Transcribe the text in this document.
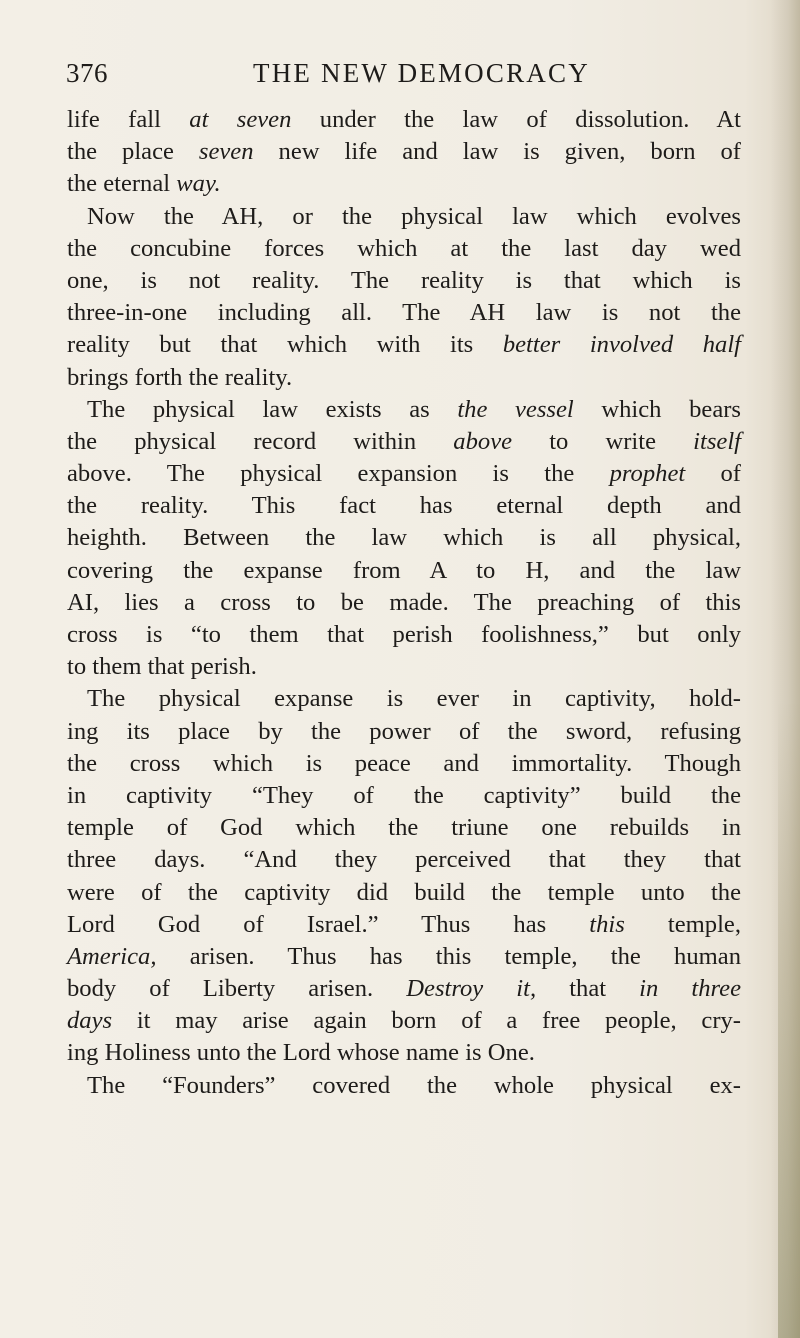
376	THE NEW DEMOCRACY
life fall at seven under the law of dissolution. At
the place seven new life and law is given, born of
the eternal way.
Now the AH, or the physical law which evolves
the concubine forces which at the last day wed
one, is not reality. The reality is that which is
three-in-one including all. The AH law is not the
reality but that which with its better involved half
brings forth the reality.
The physical law exists as the vessel which bears
the physical record within above to write itself
above. The physical expansion is the prophet of
the reality. This fact has eternal depth and
heighth. Between the law which is all physical,
covering the expanse from A to H, and the law
AI, lies a cross to be made. The preaching of this
cross is “to them that perish foolishness,” but only
to them that perish.
The physical expanse is ever in captivity, hold-
ing its place by the power of the sword, refusing
the cross which is peace and immortality. Though
in captivity “They of the captivity” build the
temple of God which the triune one rebuilds in
three days. “And they perceived that they that
were of the captivity did build the temple unto the
Lord God of Israel.” Thus has this temple,
America, arisen. Thus has this temple, the human
body of Liberty arisen. Destroy it, that in three
days it may arise again born of a free people, cry-
ing Holiness unto the Lord whose name is One.
The “Founders” covered the whole physical ex-
